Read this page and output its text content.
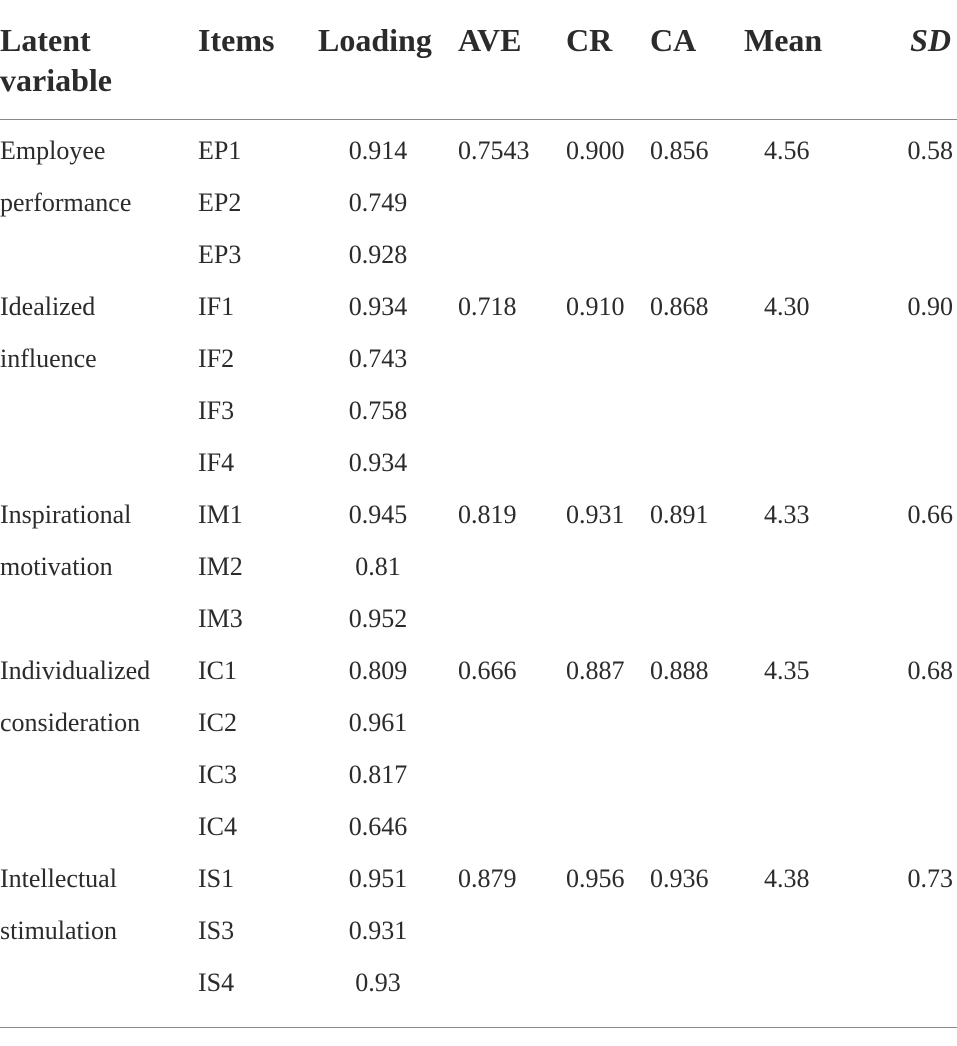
Latent variable	Items	Loading	AVE	CR	CA	Mean	SD

Employee	EP1	0.914	0.7543	0.900	0.856	4.56	0.58
performance	EP2	0.749					
	EP3	0.928					
Idealized	IF1	0.934	0.718	0.910	0.868	4.30	0.90
influence	IF2	0.743					
	IF3	0.758					
	IF4	0.934					
Inspirational	IM1	0.945	0.819	0.931	0.891	4.33	0.66
motivation	IM2	0.81					
	IM3	0.952					
Individualized	IC1	0.809	0.666	0.887	0.888	4.35	0.68
consideration	IC2	0.961					
	IC3	0.817					
	IC4	0.646					
Intellectual	IS1	0.951	0.879	0.956	0.936	4.38	0.73
stimulation	IS3	0.931					
	IS4	0.93					
